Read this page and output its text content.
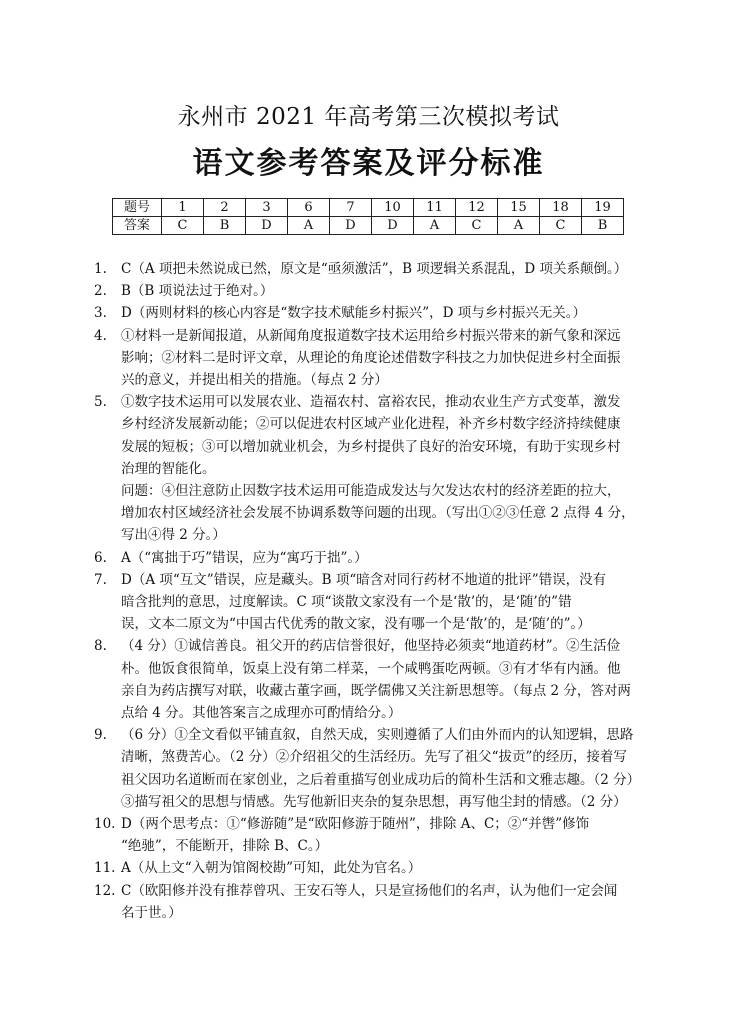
永州市 2021 年高考第三次模拟考试
语文参考答案及评分标准
题号	1	2	3	6	7	10	11	12	15	18	19
答案	C	B	D	A	D	D	A	C	A	C	B
1.	C（A 项把未然说成已然，原文是“亟须激活”，B 项逻辑关系混乱，D 项关系颠倒。）
2.	B（B 项说法过于绝对。）
3.	D（两则材料的核心内容是“数字技术赋能乡村振兴”，D 项与乡村振兴无关。）
4.	①材料一是新闻报道，从新闻角度报道数字技术运用给乡村振兴带来的新气象和深远
影响；②材料二是时评文章，从理论的角度论述借数字科技之力加快促进乡村全面振
兴的意义，并提出相关的措施。（每点 2 分）
5.	①数字技术运用可以发展农业、造福农村、富裕农民，推动农业生产方式变革，激发
乡村经济发展新动能；②可以促进农村区域产业化进程，补齐乡村数字经济持续健康
发展的短板；③可以增加就业机会，为乡村提供了良好的治安环境，有助于实现乡村
治理的智能化。
问题：④但注意防止因数字技术运用可能造成发达与欠发达农村的经济差距的拉大，
增加农村区域经济社会发展不协调系数等问题的出现。（写出①②③任意 2 点得 4 分，
写出④得 2 分。）
6.	A（“寓拙于巧”错误，应为“寓巧于拙”。）
7.	D（A 项“互文”错误，应是藏头。B 项“暗含对同行药材不地道的批评”错误，没有
暗含批判的意思，过度解读。C 项“谈散文家没有一个是‘散’的，是‘随’的”错
误，文本二原文为“中国古代优秀的散文家，没有哪一个是‘散’的，是‘随’的”。）
8.	（4 分）①诚信善良。祖父开的药店信誉很好，他坚持必须卖“地道药材”。②生活俭
朴。他饭食很简单，饭桌上没有第二样菜，一个咸鸭蛋吃两顿。③有才华有内涵。他
亲自为药店撰写对联，收藏古董字画，既学儒佛又关注新思想等。（每点 2 分，答对两
点给 4 分。其他答案言之成理亦可酌情给分。）
9.	（6 分）①全文看似平铺直叙，自然天成，实则遵循了人们由外而内的认知逻辑，思路
清晰，煞费苦心。（2 分）②介绍祖父的生活经历。先写了祖父“拔贡”的经历，接着写
祖父因功名道断而在家创业，之后着重描写创业成功后的简朴生活和文雅志趣。（2 分）
③描写祖父的思想与情感。先写他新旧夹杂的复杂思想，再写他尘封的情感。（2 分）
10. D（两个思考点：①“修游随”是“欧阳修游于随州”，排除 A、C；②“并辔”修饰
“绝驰”，不能断开，排除 B、C。）
11. A（从上文“入朝为馆阁校勘”可知，此处为官名。）
12. C（欧阳修并没有推荐曾巩、王安石等人，只是宣扬他们的名声，认为他们一定会闻
名于世。）
